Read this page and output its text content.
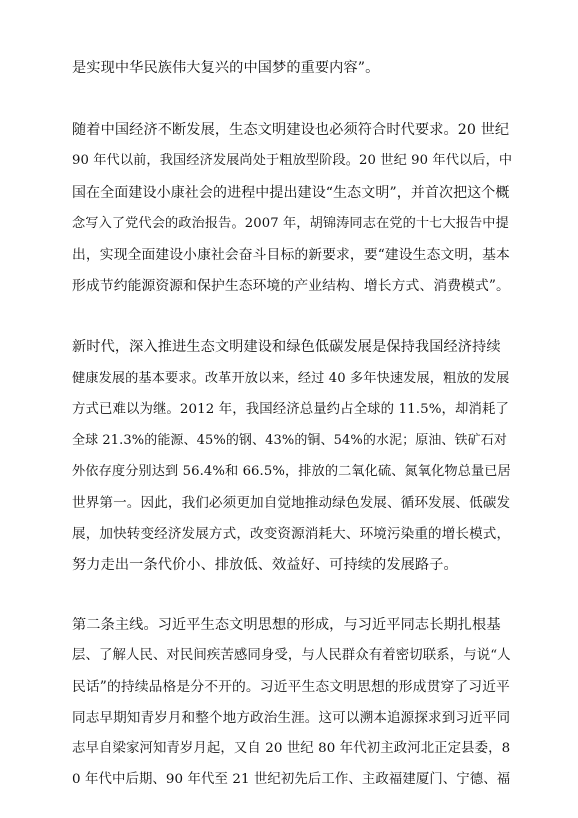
是实现中华民族伟大复兴的中国梦的重要内容”。
随着中国经济不断发展，生态文明建设也必须符合时代要求。20 世纪
90 年代以前，我国经济发展尚处于粗放型阶段。20 世纪 90 年代以后，中
国在全面建设小康社会的进程中提出建设“生态文明”，并首次把这个概
念写入了党代会的政治报告。2007 年，胡锦涛同志在党的十七大报告中提
出，实现全面建设小康社会奋斗目标的新要求，要“建设生态文明，基本
形成节约能源资源和保护生态环境的产业结构、增长方式、消费模式”。
新时代，深入推进生态文明建设和绿色低碳发展是保持我国经济持续
健康发展的基本要求。改革开放以来，经过 40 多年快速发展，粗放的发展
方式已难以为继。2012 年，我国经济总量约占全球的 11.5%，却消耗了
全球 21.3%的能源、45%的钢、43%的铜、54%的水泥；原油、铁矿石对
外依存度分别达到 56.4%和 66.5%，排放的二氧化硫、氮氧化物总量已居
世界第一。因此，我们必须更加自觉地推动绿色发展、循环发展、低碳发
展，加快转变经济发展方式，改变资源消耗大、环境污染重的增长模式，
努力走出一条代价小、排放低、效益好、可持续的发展路子。
第二条主线。习近平生态文明思想的形成，与习近平同志长期扎根基
层、了解人民、对民间疾苦感同身受，与人民群众有着密切联系，与说“人
民话”的持续品格是分不开的。习近平生态文明思想的形成贯穿了习近平
同志早期知青岁月和整个地方政治生涯。这可以溯本追源探求到习近平同
志早自梁家河知青岁月起，又自 20 世纪 80 年代初主政河北正定县委，8
0 年代中后期、90 年代至 21 世纪初先后工作、主政福建厦门、宁德、福
